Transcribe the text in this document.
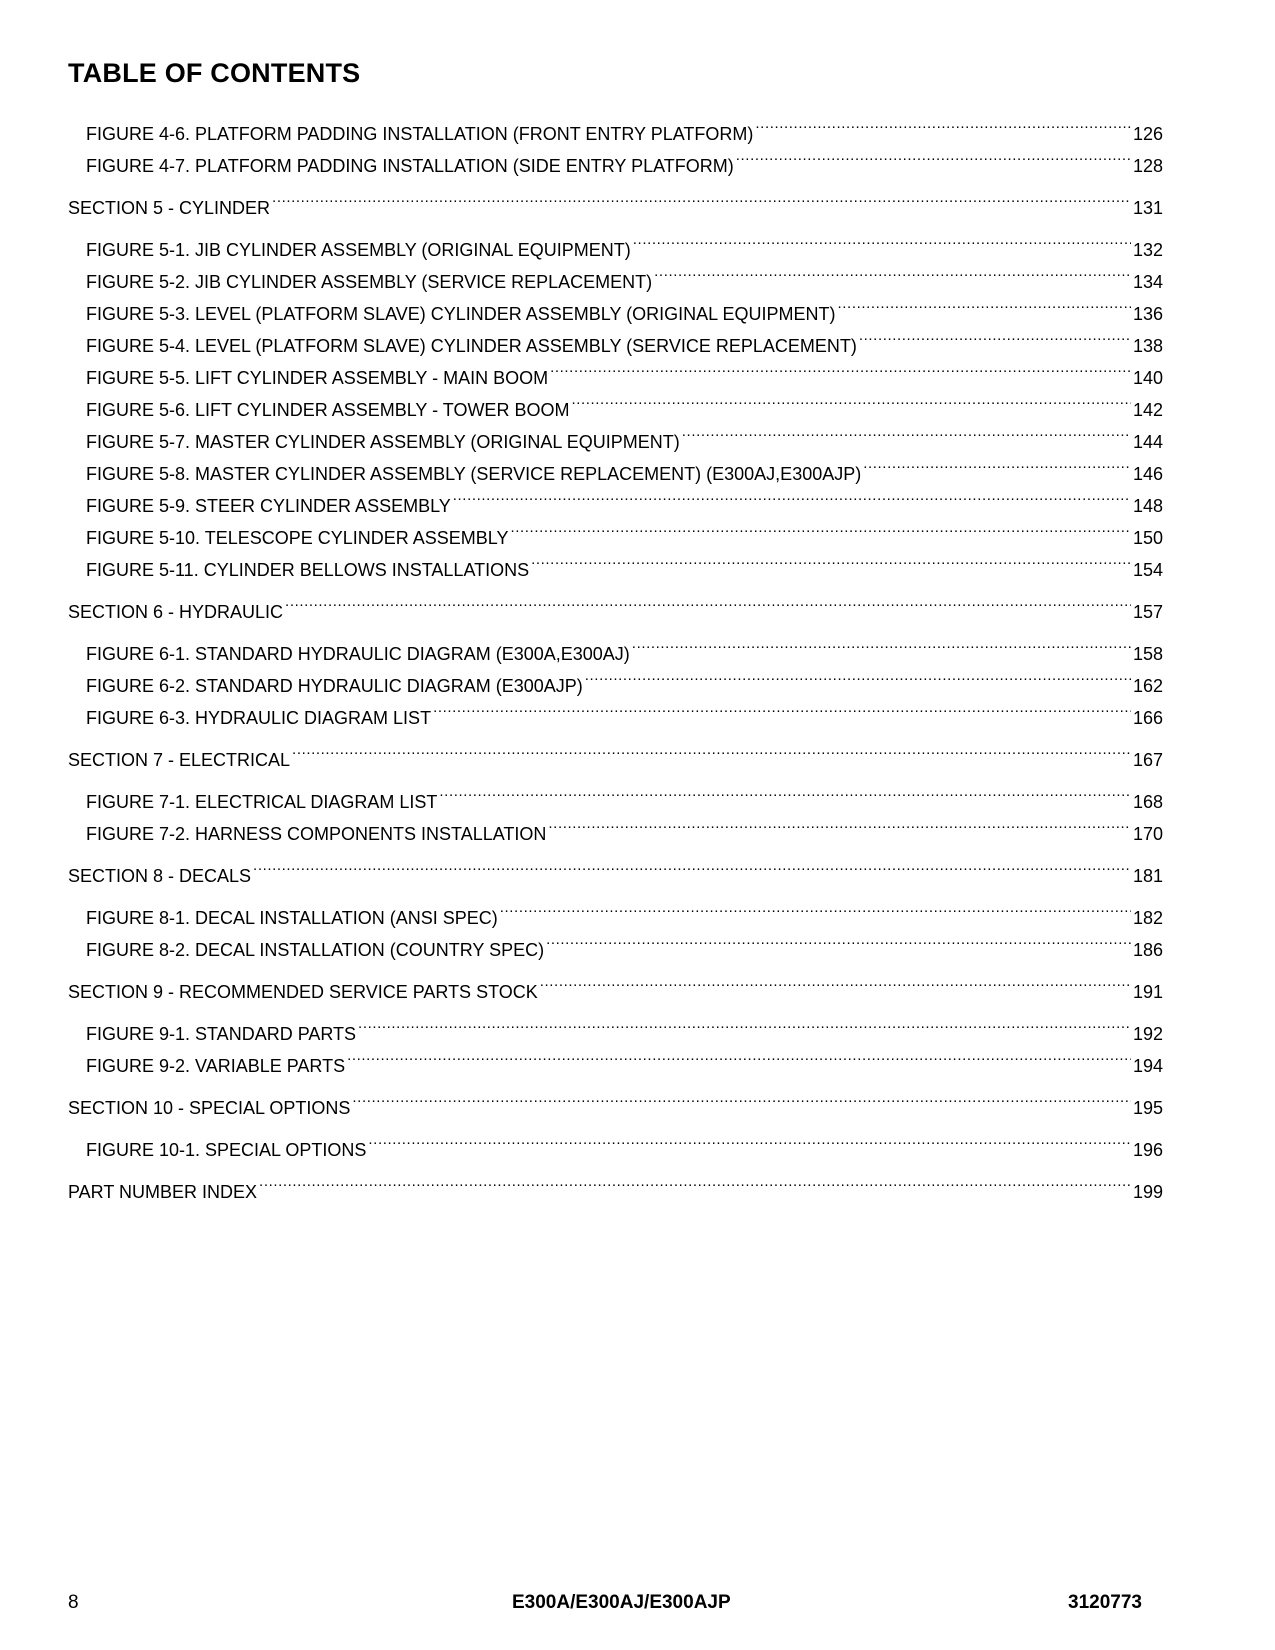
TABLE OF CONTENTS
FIGURE 4-6. PLATFORM PADDING INSTALLATION (FRONT ENTRY PLATFORM) .....	126
FIGURE 4-7. PLATFORM PADDING INSTALLATION (SIDE ENTRY PLATFORM) .....	128
SECTION 5 - CYLINDER .....	131
FIGURE 5-1. JIB CYLINDER ASSEMBLY (ORIGINAL EQUIPMENT) .....	132
FIGURE 5-2. JIB CYLINDER ASSEMBLY (SERVICE REPLACEMENT) .....	134
FIGURE 5-3. LEVEL (PLATFORM SLAVE) CYLINDER ASSEMBLY (ORIGINAL EQUIPMENT) .....	136
FIGURE 5-4. LEVEL (PLATFORM SLAVE) CYLINDER ASSEMBLY (SERVICE REPLACEMENT) .....	138
FIGURE 5-5. LIFT CYLINDER ASSEMBLY - MAIN BOOM .....	140
FIGURE 5-6. LIFT CYLINDER ASSEMBLY - TOWER BOOM .....	142
FIGURE 5-7. MASTER CYLINDER ASSEMBLY (ORIGINAL EQUIPMENT) .....	144
FIGURE 5-8. MASTER CYLINDER ASSEMBLY (SERVICE REPLACEMENT) (E300AJ,E300AJP) .....	146
FIGURE 5-9. STEER CYLINDER ASSEMBLY .....	148
FIGURE 5-10. TELESCOPE CYLINDER ASSEMBLY .....	150
FIGURE 5-11. CYLINDER BELLOWS INSTALLATIONS .....	154
SECTION 6 - HYDRAULIC .....	157
FIGURE 6-1. STANDARD HYDRAULIC DIAGRAM (E300A,E300AJ) .....	158
FIGURE 6-2. STANDARD HYDRAULIC DIAGRAM (E300AJP) .....	162
FIGURE 6-3. HYDRAULIC DIAGRAM LIST .....	166
SECTION 7 - ELECTRICAL .....	167
FIGURE 7-1. ELECTRICAL DIAGRAM LIST .....	168
FIGURE 7-2. HARNESS COMPONENTS INSTALLATION .....	170
SECTION 8 - DECALS .....	181
FIGURE 8-1. DECAL INSTALLATION (ANSI SPEC) .....	182
FIGURE 8-2. DECAL INSTALLATION (COUNTRY SPEC) .....	186
SECTION 9 - RECOMMENDED SERVICE PARTS STOCK .....	191
FIGURE 9-1. STANDARD PARTS .....	192
FIGURE 9-2. VARIABLE PARTS .....	194
SECTION 10 - SPECIAL OPTIONS .....	195
FIGURE 10-1. SPECIAL OPTIONS .....	196
PART NUMBER INDEX .....	199
8	E300A/E300AJ/E300AJP	3120773
